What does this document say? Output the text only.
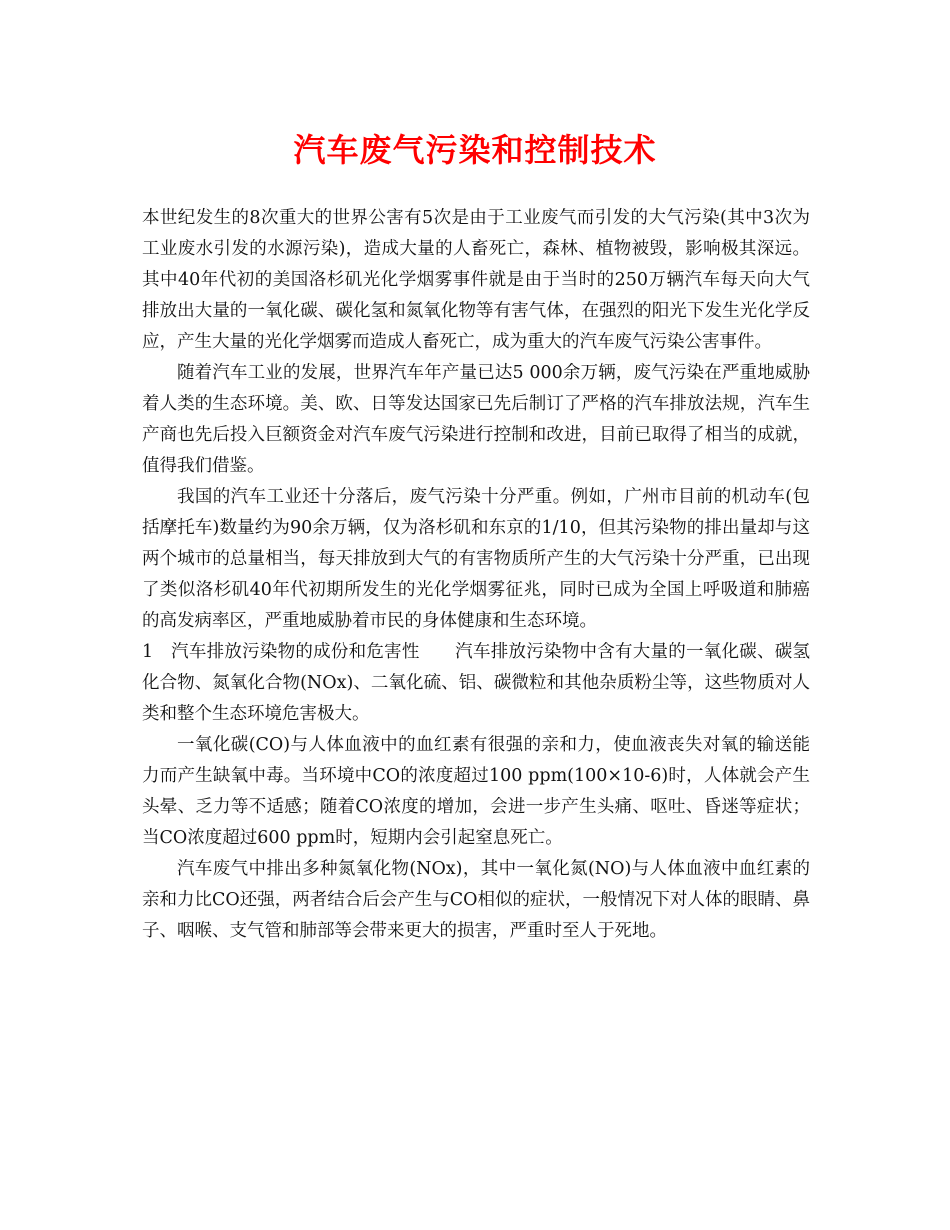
汽车废气污染和控制技术

本世纪发生的8次重大的世界公害有5次是由于工业废气而引发的大气污染(其中3次为工业废水引发的水源污染)，造成大量的人畜死亡，森林、植物被毁，影响极其深远。其中40年代初的美国洛杉矶光化学烟雾事件就是由于当时的250万辆汽车每天向大气排放出大量的一氧化碳、碳化氢和氮氧化物等有害气体，在强烈的阳光下发生光化学反应，产生大量的光化学烟雾而造成人畜死亡，成为重大的汽车废气污染公害事件。

随着汽车工业的发展，世界汽车年产量已达5 000余万辆，废气污染在严重地威胁着人类的生态环境。美、欧、日等发达国家已先后制订了严格的汽车排放法规，汽车生产商也先后投入巨额资金对汽车废气污染进行控制和改进，目前已取得了相当的成就，值得我们借鉴。

我国的汽车工业还十分落后，废气污染十分严重。例如，广州市目前的机动车(包括摩托车)数量约为90余万辆，仅为洛杉矶和东京的1/10，但其污染物的排出量却与这两个城市的总量相当，每天排放到大气的有害物质所产生的大气污染十分严重，已出现了类似洛杉矶40年代初期所发生的光化学烟雾征兆，同时已成为全国上呼吸道和肺癌的高发病率区，严重地威胁着市民的身体健康和生态环境。

1　汽车排放污染物的成份和危害性　　汽车排放污染物中含有大量的一氧化碳、碳氢化合物、氮氧化合物(NOx)、二氧化硫、铝、碳微粒和其他杂质粉尘等，这些物质对人类和整个生态环境危害极大。

一氧化碳(CO)与人体血液中的血红素有很强的亲和力，使血液丧失对氧的输送能力而产生缺氧中毒。当环境中CO的浓度超过100 ppm(100×10-6)时，人体就会产生头晕、乏力等不适感；随着CO浓度的增加，会进一步产生头痛、呕吐、昏迷等症状；当CO浓度超过600 ppm时，短期内会引起窒息死亡。

汽车废气中排出多种氮氧化物(NOx)，其中一氧化氮(NO)与人体血液中血红素的亲和力比CO还强，两者结合后会产生与CO相似的症状，一般情况下对人体的眼睛、鼻子、咽喉、支气管和肺部等会带来更大的损害，严重时至人于死地。
